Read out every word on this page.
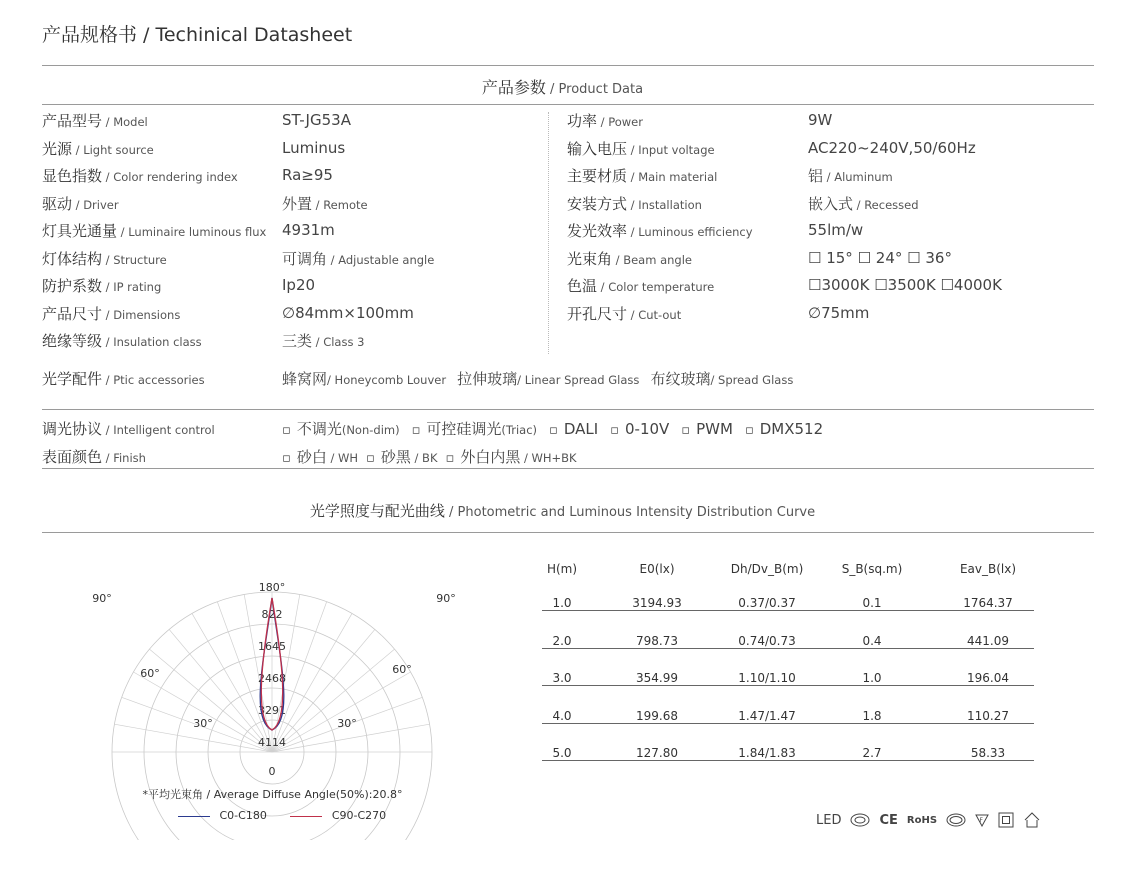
产品规格书 / Techinical Datasheet
产品参数 / Product Data
产品型号 / Model	ST-JG53A
光源 / Light source	Luminus
显色指数 / Color rendering index	Ra≥95
驱动 / Driver	外置 / Remote
灯具光通量 / Luminaire luminous flux 4931m
灯体结构 / Structure	可调角 / Adjustable angle
防护系数 / IP rating	Ip20
产品尺寸 / Dimensions	∅84mm×100mm
绝缘等级 / Insulation class	三类 / Class 3
功率 / Power	9W
输入电压 / Input voltage	AC220~240V,50/60Hz
主要材质 / Main material	铝 / Aluminum
安装方式 / Installation	嵌入式 / Recessed
发光效率 / Luminous efficiency	55lm/w
光束角 / Beam angle	☐ 15° ☐ 24° ☐ 36°
色温 / Color temperature	☐3000K ☐3500K ☐4000K
开孔尺寸 / Cut-out	∅75mm
光学配件 / Ptic accessories	蜂窝网/ Honeycomb Louver 拉伸玻璃/ Linear Spread Glass 布纹玻璃/ Spread Glass
调光协议 / Intelligent control	▫ 不调光(Non-dim) ▫ 可控硅调光(Triac) ▫ DALI ▫ 0-10V ▫ PWM ▫ DMX512
表面颜色 / Finish	▫ 砂白 / WH ▫ 砂黑 / BK ▫ 外白内黑 / WH+BK
光学照度与配光曲线 / Photometric and Luminous Intensity Distribution Curve
822
1645
2468
3291
4114
180°
0
90°	90°
60°	60°
30°	30°
*平均光束角 / Average Diffuse Angle(50%):20.8°
C0-C180	C90-C270
H(m)	E0(lx)	Dh/Dv_B(m)	S_B(sq.m)	Eav_B(lx)
1.0	3194.93	0.37/0.37	0.1	1764.37
2.0	798.73	0.74/0.73	0.4	441.09
3.0	354.99	1.10/1.10	1.0	196.04
4.0	199.68	1.47/1.47	1.8	110.27
5.0	127.80	1.84/1.83	2.7	58.33
LED	CE RoHS	F
